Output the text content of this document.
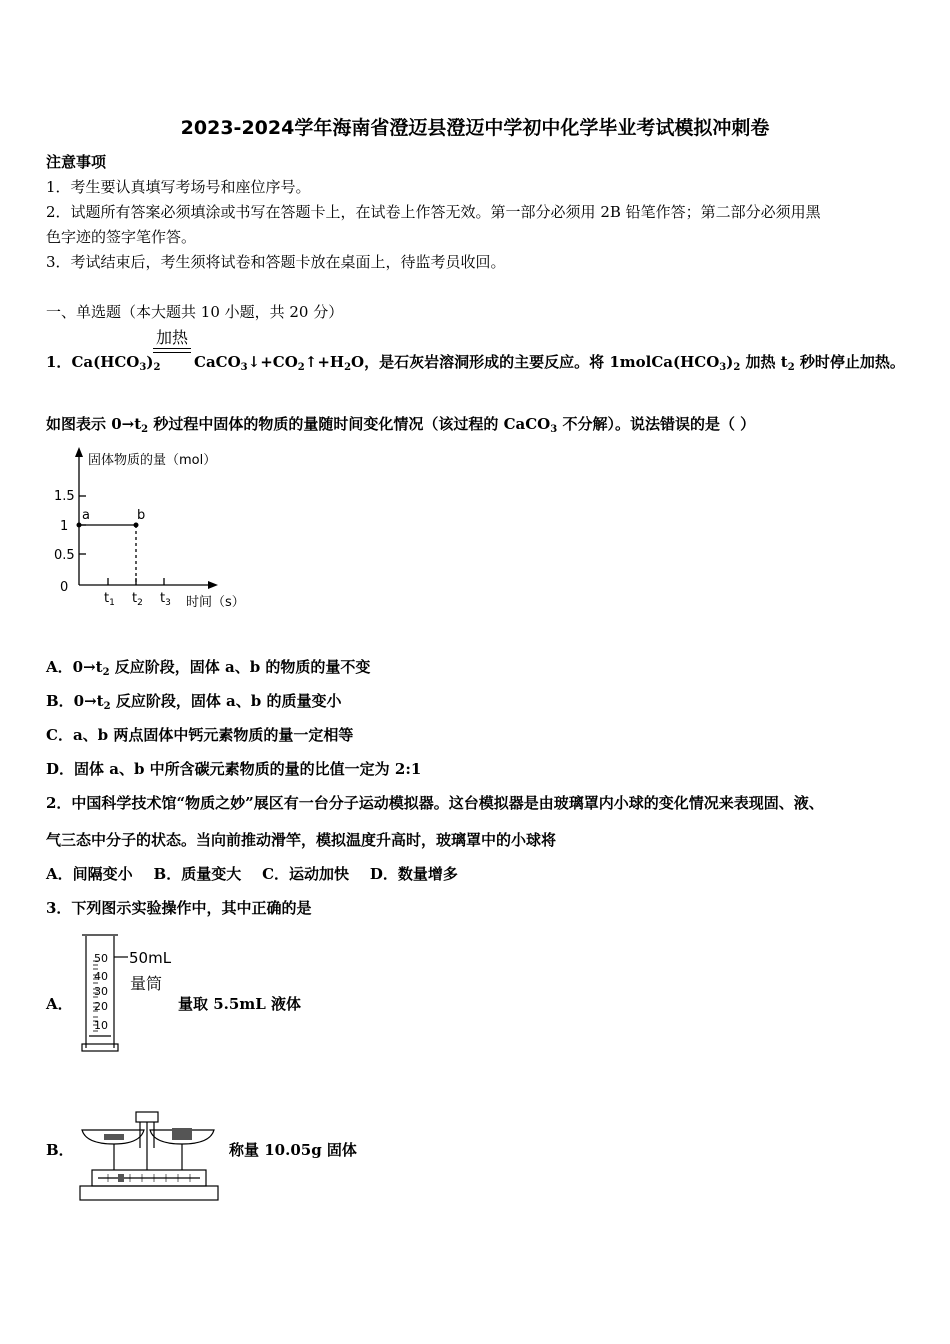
2023-2024学年海南省澄迈县澄迈中学初中化学毕业考试模拟冲刺卷
注意事项
1．考生要认真填写考场号和座位序号。
2．试题所有答案必须填涂或书写在答题卡上，在试卷上作答无效。第一部分必须用 2B 铅笔作答；第二部分必须用黑
色字迹的签字笔作答。
3．考试结束后，考生须将试卷和答题卡放在桌面上，待监考员收回。
一、单选题（本大题共 10 小题，共 20 分）
1．$Ca(HCO_3)_2$
加热
$CaCO_3↓+CO_2↑+H_2O$，是石灰岩溶洞形成的主要反应。将 $1molCa(HCO_3)_2$ 加热 $t_2$ 秒时停止加热。
如图表示 $0\to t_2$ 秒过程中固体的物质的量随时间变化情况（该过程的 CaCO$_3$ 不分解）。说法错误的是（ ）
固体物质的量（mol）
1.5
1
0.5
0
a	b
$t_1$ $t_2$ $t_3$ 时间（s）
A．$0\to t_2$ 反应阶段，固体 a、b 的物质的量不变
B．$0\to t_2$ 反应阶段，固体 a、b 的质量变小
C．a、b 两点固体中钙元素物质的量一定相等
D．固体 a、b 中所含碳元素物质的量的比值一定为 2:1
2．中国科学技术馆“物质之妙”展区有一台分子运动模拟器。这台模拟器是由玻璃罩内小球的变化情况来表现固、液、
气三态中分子的状态。当向前推动滑竿，模拟温度升高时，玻璃罩中的小球将
A．间隔变小    B．质量变大    C．运动加快    D．数量增多
3．下列图示实验操作中，其中正确的是
A．
50
40
30
20
10
50mL
量筒
量取 5.5mL 液体
B．	称量 10.05g 固体
